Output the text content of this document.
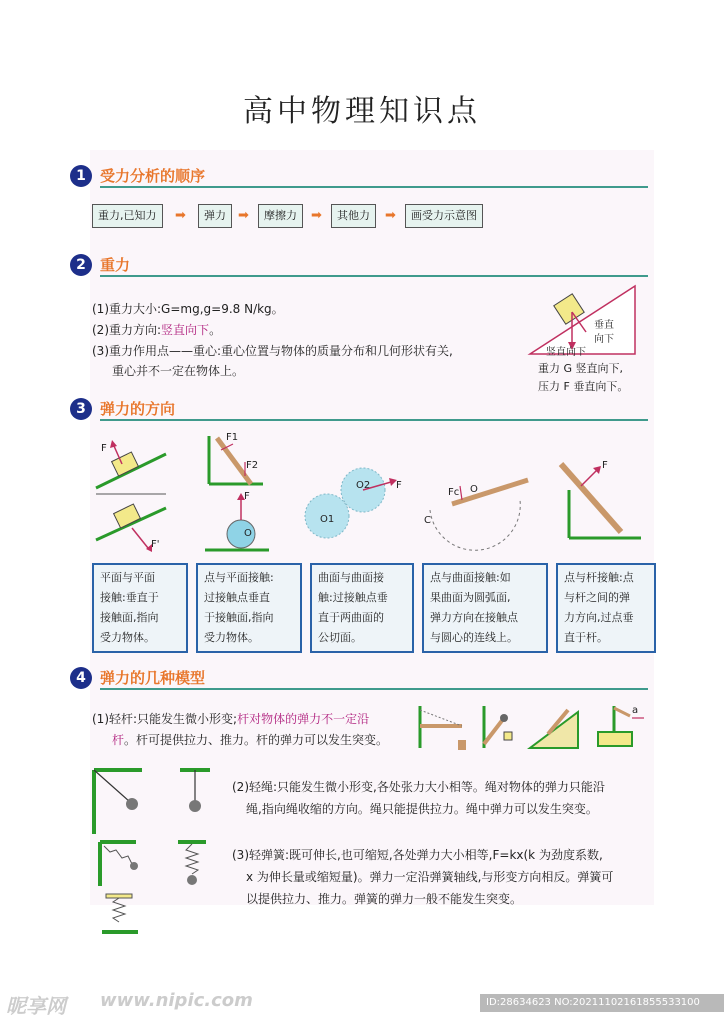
高中物理知识点
1 受力分析的顺序
重力,已知力	➡	弹力 ➡	摩擦力	➡	其他力	➡	画受力示意图
2 重力
(1)重力大小:G=mg,g=9.8 N/kg。
(2)重力方向:竖直向下。
(3)重力作用点——重心:重心位置与物体的质量分布和几何形状有关,
重心并不一定在物体上。
垂直
向下
竖直向下
重力 G 竖直向下,
压力 F 垂直向下。
3 弹力的方向
F
F'
F1
F2
F
O
O2
O1
F
Fc O
C
F
平面与平面
接触:垂直于
接触面,指向
受力物体。
点与平面接触:
过接触点垂直
于接触面,指向
受力物体。
曲面与曲面接
触:过接触点垂
直于两曲面的
公切面。
点与曲面接触:如
果曲面为圆弧面,
弹力方向在接触点
与圆心的连线上。
点与杆接触:点
与杆之间的弹
力方向,过点垂
直于杆。
4 弹力的几种模型
(1)轻杆:只能发生微小形变;杆对物体的弹力不一定沿
杆。杆可提供拉力、推力。杆的弹力可以发生突变。
a
(2)轻绳:只能发生微小形变,各处张力大小相等。绳对物体的弹力只能沿
绳,指向绳收缩的方向。绳只能提供拉力。绳中弹力可以发生突变。
(3)轻弹簧:既可伸长,也可缩短,各处弹力大小相等,F=kx(k 为劲度系数,
x 为伸长量或缩短量)。弹力一定沿弹簧轴线,与形变方向相反。弹簧可
以提供拉力、推力。弹簧的弹力一般不能发生突变。
昵享网 www.nipic.com	ID:28634623 NO:20211102161855533100
